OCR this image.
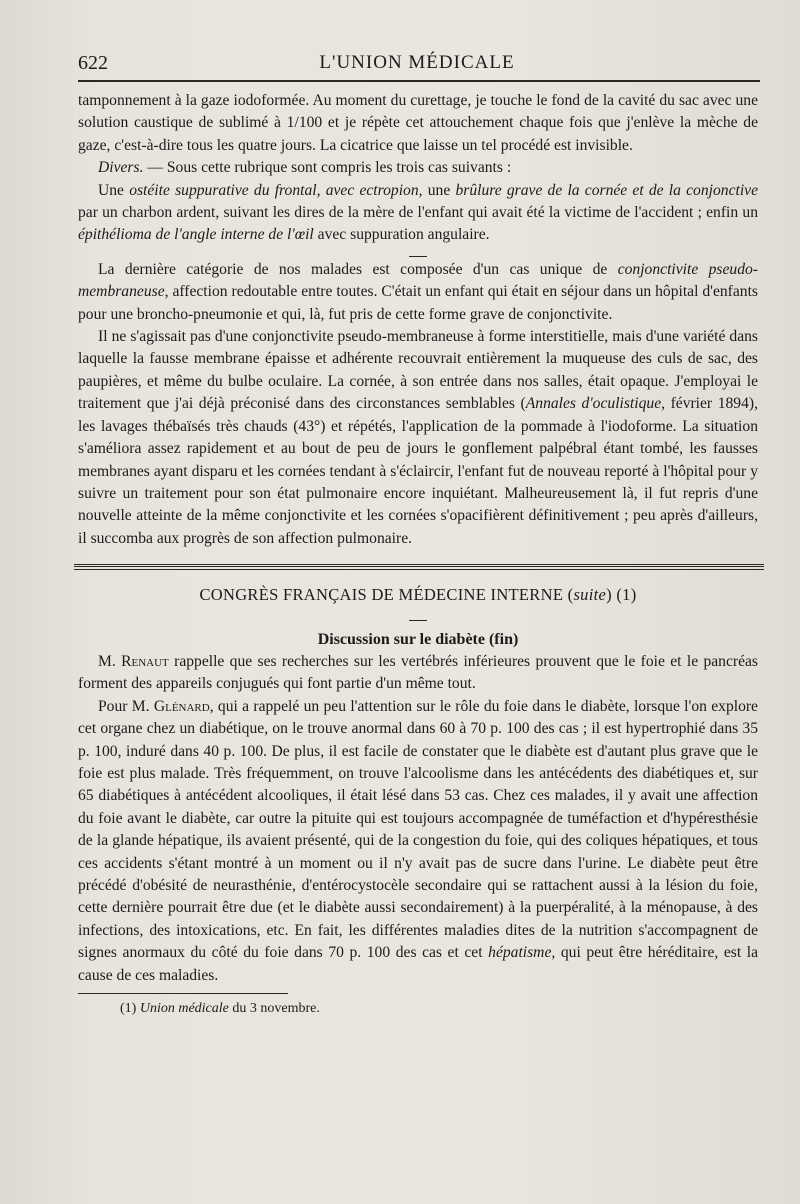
622	L'UNION MÉDICALE

tamponnement à la gaze iodoformée. Au moment du curettage, je touche le fond de la cavité du sac avec une solution caustique de sublimé à 1/100 et je répète cet attouchement chaque fois que j'enlève la mèche de gaze, c'est-à-dire tous les quatre jours. La cicatrice que laisse un tel procédé est invisible.

Divers. — Sous cette rubrique sont compris les trois cas suivants :

Une ostéite suppurative du frontal, avec ectropion, une brûlure grave de la cornée et de la conjonctive par un charbon ardent, suivant les dires de la mère de l'enfant qui avait été la victime de l'accident ; enfin un épithélioma de l'angle interne de l'œil avec suppuration angulaire.

La dernière catégorie de nos malades est composée d'un cas unique de conjonctivite pseudo-membraneuse, affection redoutable entre toutes. C'était un enfant qui était en séjour dans un hôpital d'enfants pour une broncho-pneumonie et qui, là, fut pris de cette forme grave de conjonctivite.

Il ne s'agissait pas d'une conjonctivite pseudo-membraneuse à forme interstitielle, mais d'une variété dans laquelle la fausse membrane épaisse et adhérente recouvrait entièrement la muqueuse des culs de sac, des paupières, et même du bulbe oculaire. La cornée, à son entrée dans nos salles, était opaque. J'employai le traitement que j'ai déjà préconisé dans des circonstances semblables (Annales d'oculistique, février 1894), les lavages thébaïsés très chauds (43°) et répétés, l'application de la pommade à l'iodoforme. La situation s'améliora assez rapidement et au bout de peu de jours le gonflement palpébral étant tombé, les fausses membranes ayant disparu et les cornées tendant à s'éclaircir, l'enfant fut de nouveau reporté à l'hôpital pour y suivre un traitement pour son état pulmonaire encore inquiétant. Malheureusement là, il fut repris d'une nouvelle atteinte de la même conjonctivite et les cornées s'opacifièrent définitivement ; peu après d'ailleurs, il succomba aux progrès de son affection pulmonaire.

CONGRÈS FRANÇAIS DE MÉDECINE INTERNE (suite) (1)
Discussion sur le diabète (fin)

M. Renaut rappelle que ses recherches sur les vertébrés inférieures prouvent que le foie et le pancréas forment des appareils conjugués qui font partie d'un même tout.

Pour M. Glénard, qui a rappelé un peu l'attention sur le rôle du foie dans le diabète, lorsque l'on explore cet organe chez un diabétique, on le trouve anormal dans 60 à 70 p. 100 des cas ; il est hypertrophié dans 35 p. 100, induré dans 40 p. 100. De plus, il est facile de constater que le diabète est d'autant plus grave que le foie est plus malade. Très fréquemment, on trouve l'alcoolisme dans les antécédents des diabétiques et, sur 65 diabétiques à antécédent alcooliques, il était lésé dans 53 cas. Chez ces malades, il y avait une affection du foie avant le diabète, car outre la pituite qui est toujours accompagnée de tuméfaction et d'hypéresthésie de la glande hépatique, ils avaient présenté, qui de la congestion du foie, qui des coliques hépatiques, et tous ces accidents s'étant montré à un moment ou il n'y avait pas de sucre dans l'urine. Le diabète peut être précédé d'obésité de neurasthénie, d'entérocystocèle secondaire qui se rattachent aussi à la lésion du foie, cette dernière pourrait être due (et le diabète aussi secondairement) à la puerpéralité, à la ménopause, à des infections, des intoxications, etc. En fait, les différentes maladies dites de la nutrition s'accompagnent de signes anormaux du côté du foie dans 70 p. 100 des cas et cet hépatisme, qui peut être héréditaire, est la cause de ces maladies.

(1) Union médicale du 3 novembre.
